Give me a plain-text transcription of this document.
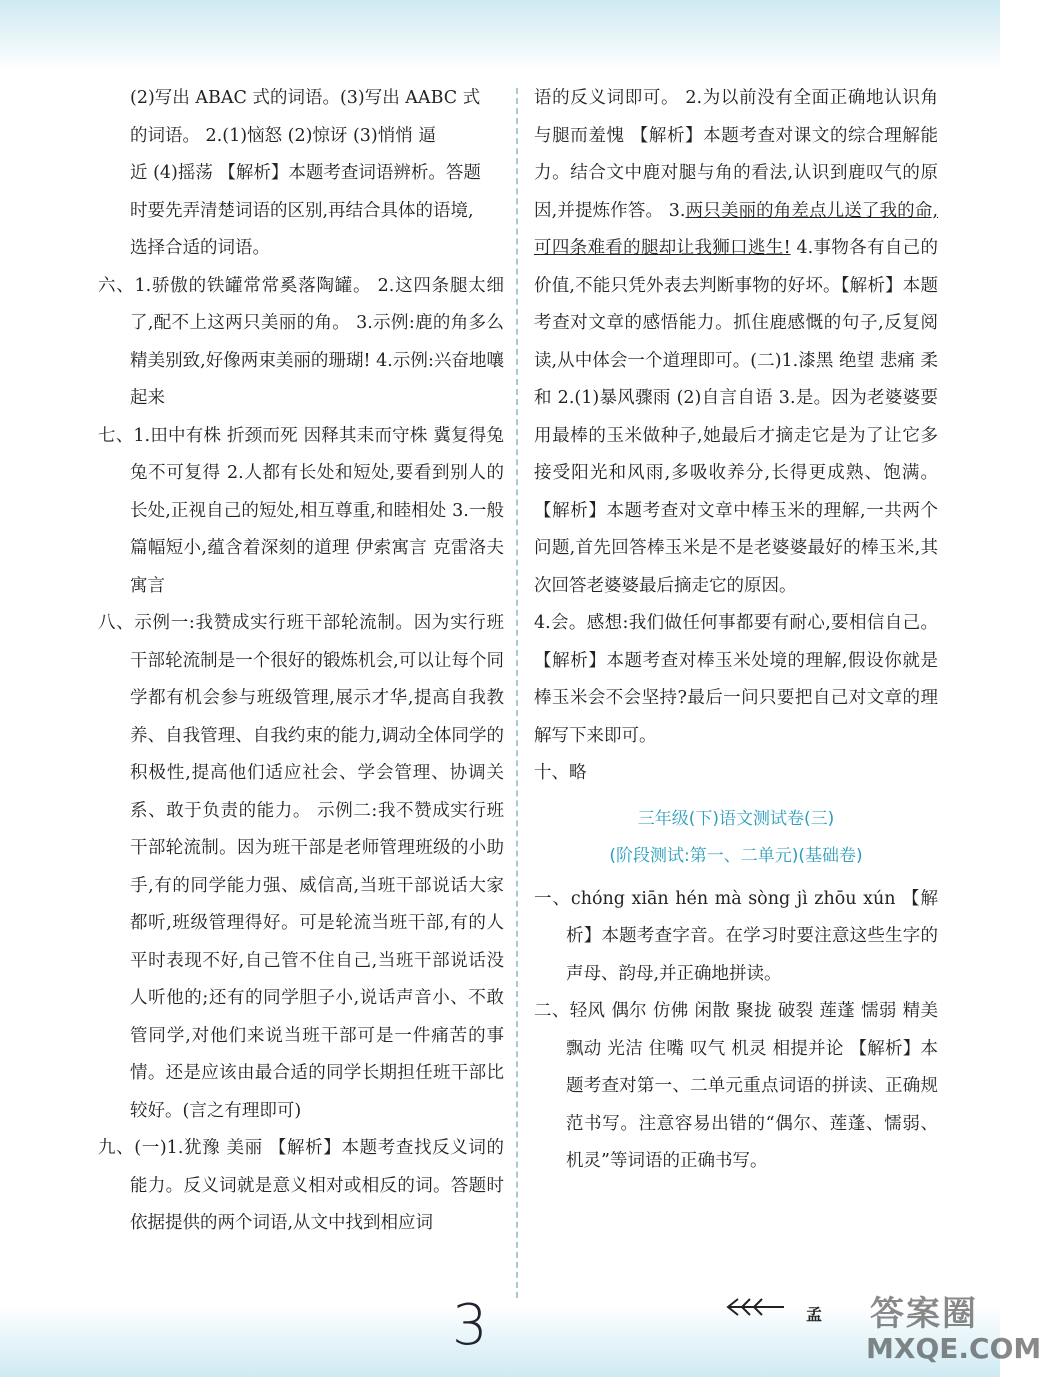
(2)写出 ABAC 式的词语。(3)写出 AABC 式

的词语。 2.(1)恼怒 (2)惊讶 (3)悄悄 逼

近 (4)摇荡 【解析】本题考查词语辨析。答题

时要先弄清楚词语的区别,再结合具体的语境,

选择合适的词语。

六、1.骄傲的铁罐常常奚落陶罐。 2.这四条腿太细了,配不上这两只美丽的角。 3.示例:鹿的角多么精美别致,好像两束美丽的珊瑚! 4.示例:兴奋地嚷起来

七、1.田中有株 折颈而死 因释其耒而守株 冀复得兔 兔不可复得 2.人都有长处和短处,要看到别人的长处,正视自己的短处,相互尊重,和睦相处 3.一般篇幅短小,蕴含着深刻的道理 伊索寓言 克雷洛夫寓言

八、示例一:我赞成实行班干部轮流制。因为实行班干部轮流制是一个很好的锻炼机会,可以让每个同学都有机会参与班级管理,展示才华,提高自我教养、自我管理、自我约束的能力,调动全体同学的积极性,提高他们适应社会、学会管理、协调关系、敢于负责的能力。 示例二:我不赞成实行班干部轮流制。因为班干部是老师管理班级的小助手,有的同学能力强、威信高,当班干部说话大家都听,班级管理得好。可是轮流当班干部,有的人平时表现不好,自己管不住自己,当班干部说话没人听他的;还有的同学胆子小,说话声音小、不敢管同学,对他们来说当班干部可是一件痛苦的事情。还是应该由最合适的同学长期担任班干部比较好。(言之有理即可)

九、(一)1.犹豫 美丽 【解析】本题考查找反义词的能力。反义词就是意义相对或相反的词。答题时依据提供的两个词语,从文中找到相应词

语的反义词即可。 2.为以前没有全面正确地认识角与腿而羞愧 【解析】本题考查对课文的综合理解能力。结合文中鹿对腿与角的看法,认识到鹿叹气的原因,并提炼作答。 3.两只美丽的角差点儿送了我的命,可四条难看的腿却让我狮口逃生! 4.事物各有自己的价值,不能只凭外表去判断事物的好坏。【解析】本题考查对文章的感悟能力。抓住鹿感慨的句子,反复阅读,从中体会一个道理即可。(二)1.漆黑 绝望 悲痛 柔和 2.(1)暴风骤雨 (2)自言自语 3.是。因为老婆婆要用最棒的玉米做种子,她最后才摘走它是为了让它多接受阳光和风雨,多吸收养分,长得更成熟、饱满。【解析】本题考查对文章中棒玉米的理解,一共两个问题,首先回答棒玉米是不是老婆婆最好的棒玉米,其次回答老婆婆最后摘走它的原因。

4.会。感想:我们做任何事都要有耐心,要相信自己。【解析】本题考查对棒玉米处境的理解,假设你就是棒玉米会不会坚持?最后一问只要把自己对文章的理解写下来即可。

十、略

三年级(下)语文测试卷(三)
(阶段测试:第一、二单元)(基础卷)

一、chóng xiān hén mà sòng jì zhōu xún 【解析】本题考查字音。在学习时要注意这些生字的声母、韵母,并正确地拼读。

二、轻风 偶尔 仿佛 闲散 聚拢 破裂 莲蓬 懦弱 精美 飘动 光洁 住嘴 叹气 机灵 相提并论 【解析】本题考查对第一、二单元重点词语的拼读、正确规范书写。注意容易出错的“偶尔、莲蓬、懦弱、机灵”等词语的正确书写。

3	孟 答案圈
MXQE.COM
